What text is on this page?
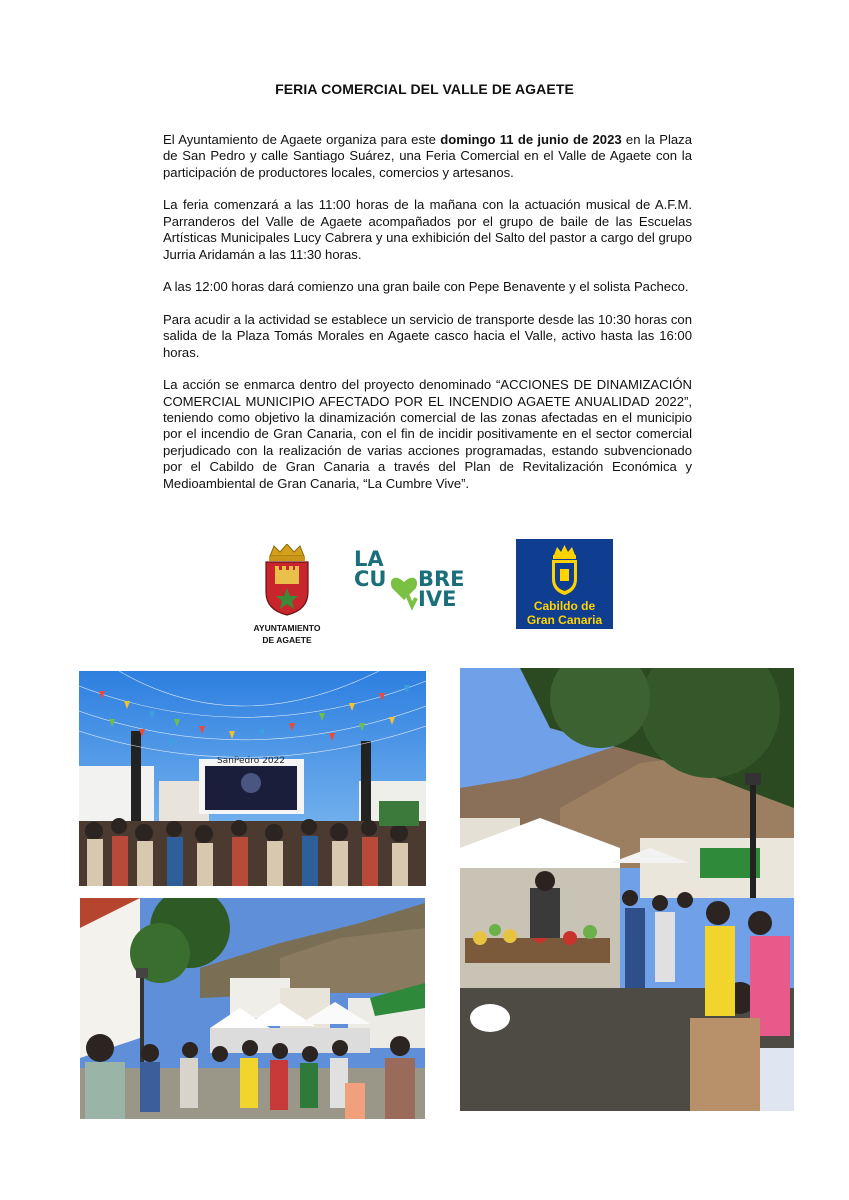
FERIA COMERCIAL DEL VALLE DE AGAETE

El Ayuntamiento de Agaete organiza para este domingo 11 de junio de 2023 en la Plaza de San Pedro y calle Santiago Suárez, una Feria Comercial en el Valle de Agaete con la participación de productores locales, comercios y artesanos.

La feria comenzará a las 11:00 horas de la mañana con la actuación musical de A.F.M. Parranderos del Valle de Agaete acompañados por el grupo de baile de las Escuelas Artísticas Municipales Lucy Cabrera y una exhibición del Salto del pastor a cargo del grupo Jurria Aridamán a las 11:30 horas.

A las 12:00 horas dará comienzo una gran baile con Pepe Benavente y el solista Pacheco.

Para acudir a la actividad se establece un servicio de transporte desde las 10:30 horas con salida de la Plaza Tomás Morales en Agaete casco hacia el Valle, activo hasta las 16:00 horas.

La acción se enmarca dentro del proyecto denominado “ACCIONES DE DINAMIZACIÓN COMERCIAL MUNICIPIO AFECTADO POR EL INCENDIO AGAETE ANUALIDAD 2022”, teniendo como objetivo la dinamización comercial de las zonas afectadas en el municipio por el incendio de Gran Canaria, con el fin de incidir positivamente en el sector comercial perjudicado con la realización de varias acciones programadas, estando subvencionado por el Cabildo de Gran Canaria a través del Plan de Revitalización Económica y Medioambiental de Gran Canaria, “La Cumbre Vive”.

AYUNTAMIENTO
DE AGAETE
LA
CU BRE
IVE	Cabildo de
Gran Canaria
SanPedro 2022
